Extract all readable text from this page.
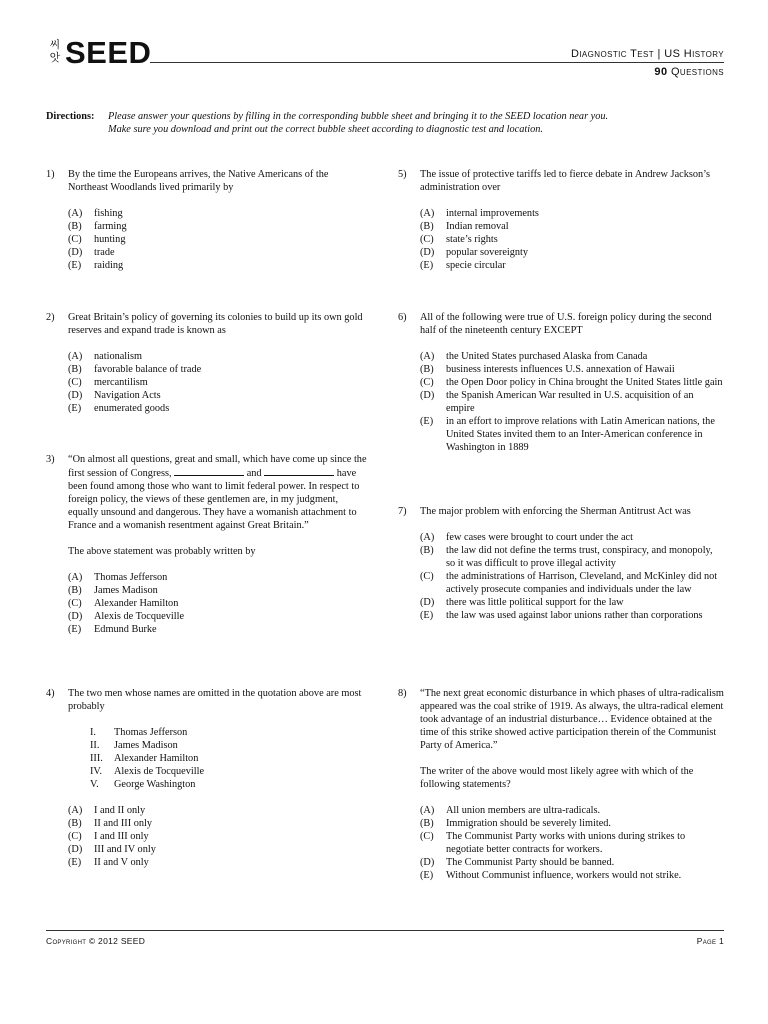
씨앗 SEED	Diagnostic Test | US History
90 Questions
Directions: Please answer your questions by filling in the corresponding bubble sheet and bringing it to the SEED location near you.
Make sure you download and print out the correct bubble sheet according to diagnostic test and location.
1) By the time the Europeans arrives, the Native Americans of the Northeast Woodlands lived primarily by
(A)	fishing
(B)	farming
(C)	hunting
(D)	trade
(E)	raiding
2) Great Britain’s policy of governing its colonies to build up its own gold reserves and expand trade is known as
(A)	nationalism
(B)	favorable balance of trade
(C)	mercantilism
(D)	Navigation Acts
(E)	enumerated goods
3) “On almost all questions, great and small, which have come up since the first session of Congress,	and	have been found among those who want to limit federal power. In respect to foreign policy, the views of these gentlemen are, in my judgment, equally unsound and dangerous. They have a womanish attachment to France and a womanish resentment against Great Britain.”
The above statement was probably written by
(A)	Thomas Jefferson
(B)	James Madison
(C)	Alexander Hamilton
(D)	Alexis de Tocqueville
(E)	Edmund Burke
4) The two men whose names are omitted in the quotation above are most probably
I.	Thomas Jefferson
II.	James Madison
III.	Alexander Hamilton
IV.	Alexis de Tocqueville
V.	George Washington
(A)	I and II only
(B)	II and III only
(C)	I and III only
(D)	III and IV only
(E)	II and V only
5) The issue of protective tariffs led to fierce debate in Andrew Jackson’s administration over
(A)	internal improvements
(B)	Indian removal
(C)	state’s rights
(D)	popular sovereignty
(E)	specie circular
6) All of the following were true of U.S. foreign policy during the second half of the nineteenth century EXCEPT
(A)	the United States purchased Alaska from Canada
(B)	business interests influences U.S. annexation of Hawaii
(C)	the Open Door policy in China brought the United States little gain
(D)	the Spanish American War resulted in U.S. acquisition of an empire
(E)	in an effort to improve relations with Latin American nations, the United States invited them to an Inter-American conference in Washington in 1889
7) The major problem with enforcing the Sherman Antitrust Act was
(A)	few cases were brought to court under the act
(B)	the law did not define the terms trust, conspiracy, and monopoly, so it was difficult to prove illegal activity
(C)	the administrations of Harrison, Cleveland, and McKinley did not actively prosecute companies and individuals under the law
(D)	there was little political support for the law
(E)	the law was used against labor unions rather than corporations
8) “The next great economic disturbance in which phases of ultra-radicalism appeared was the coal strike of 1919. As always, the ultra-radical element took advantage of an industrial disturbance… Evidence obtained at the time of this strike showed active participation therein of the Communist Party of America.”
The writer of the above would most likely agree with which of the following statements?
(A)	All union members are ultra-radicals.
(B)	Immigration should be severely limited.
(C)	The Communist Party works with unions during strikes to negotiate better contracts for workers.
(D)	The Communist Party should be banned.
(E)	Without Communist influence, workers would not strike.
Copyright © 2012 SEED	Page 1
